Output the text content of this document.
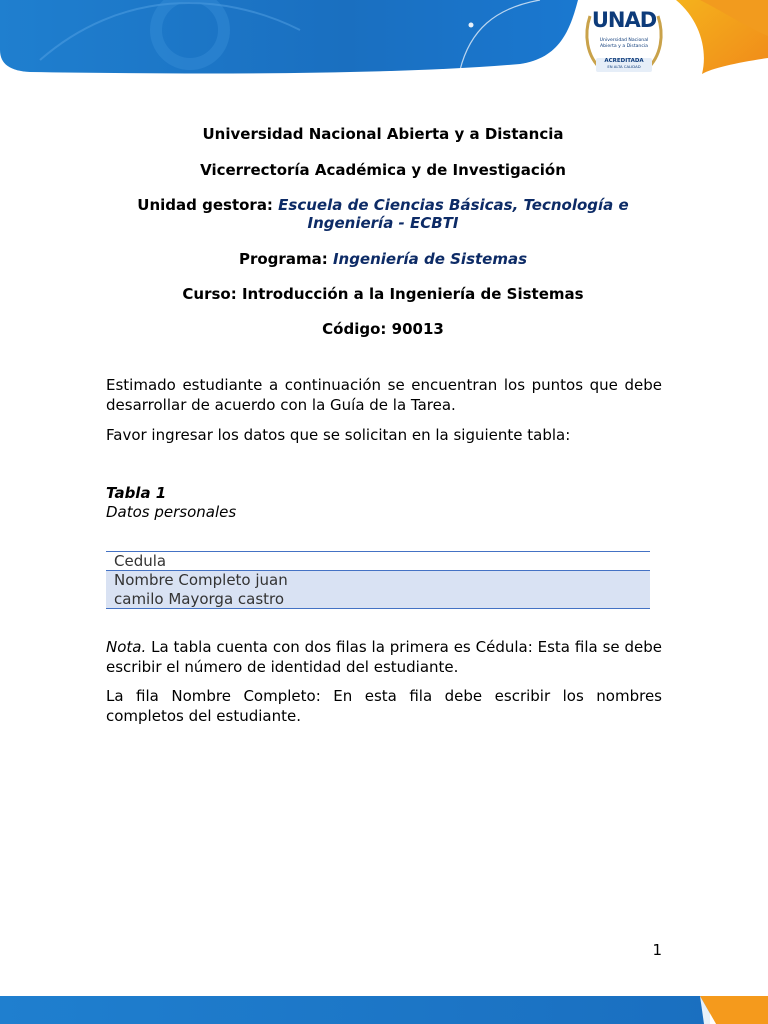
UNAD
Universidad Nacional Abierta y a Distancia
ACREDITADA
EN ALTA CALIDAD
Universidad Nacional Abierta y a Distancia
Vicerrectoría Académica y de Investigación
Unidad gestora: Escuela de Ciencias Básicas, Tecnología e
Ingeniería - ECBTI
Programa: Ingeniería de Sistemas
Curso: Introducción a la Ingeniería de Sistemas
Código: 90013
Estimado estudiante a continuación se encuentran los puntos que debe desarrollar de acuerdo con la Guía de la Tarea.
Favor ingresar los datos que se solicitan en la siguiente tabla:
Tabla 1
Datos personales
Cedula
Nombre Completo juan
camilo Mayorga castro
Nota. La tabla cuenta con dos filas la primera es Cédula: Esta fila se debe escribir el número de identidad del estudiante.
La fila Nombre Completo: En esta fila debe escribir los nombres completos del estudiante.
1
